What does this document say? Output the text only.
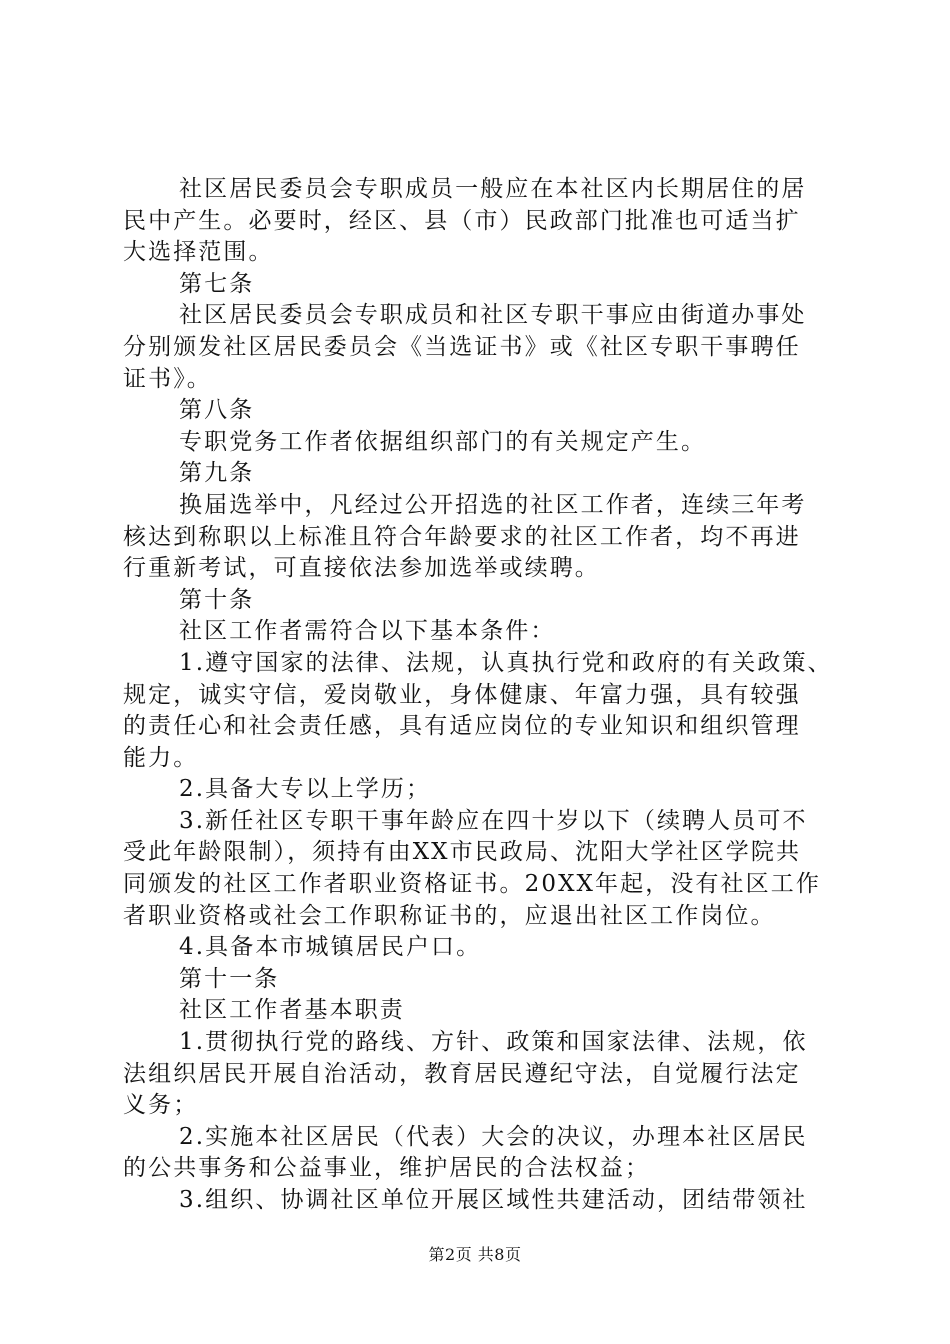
社区居民委员会专职成员一般应在本社区内长期居住的居
民中产生。必要时，经区、县（市）民政部门批准也可适当扩
大选择范围。
第七条
社区居民委员会专职成员和社区专职干事应由街道办事处
分别颁发社区居民委员会《当选证书》或《社区专职干事聘任
证书》。
第八条
专职党务工作者依据组织部门的有关规定产生。
第九条
换届选举中，凡经过公开招选的社区工作者，连续三年考
核达到称职以上标准且符合年龄要求的社区工作者，均不再进
行重新考试，可直接依法参加选举或续聘。
第十条
社区工作者需符合以下基本条件：
1.遵守国家的法律、法规，认真执行党和政府的有关政策、
规定，诚实守信，爱岗敬业，身体健康、年富力强，具有较强
的责任心和社会责任感，具有适应岗位的专业知识和组织管理
能力。
2.具备大专以上学历；
3.新任社区专职干事年龄应在四十岁以下（续聘人员可不
受此年龄限制），须持有由XX市民政局、沈阳大学社区学院共
同颁发的社区工作者职业资格证书。20XX年起，没有社区工作
者职业资格或社会工作职称证书的，应退出社区工作岗位。
4.具备本市城镇居民户口。
第十一条
社区工作者基本职责
1.贯彻执行党的路线、方针、政策和国家法律、法规，依
法组织居民开展自治活动，教育居民遵纪守法，自觉履行法定
义务；
2.实施本社区居民（代表）大会的决议，办理本社区居民
的公共事务和公益事业，维护居民的合法权益；
3.组织、协调社区单位开展区域性共建活动，团结带领社
第2页 共8页
